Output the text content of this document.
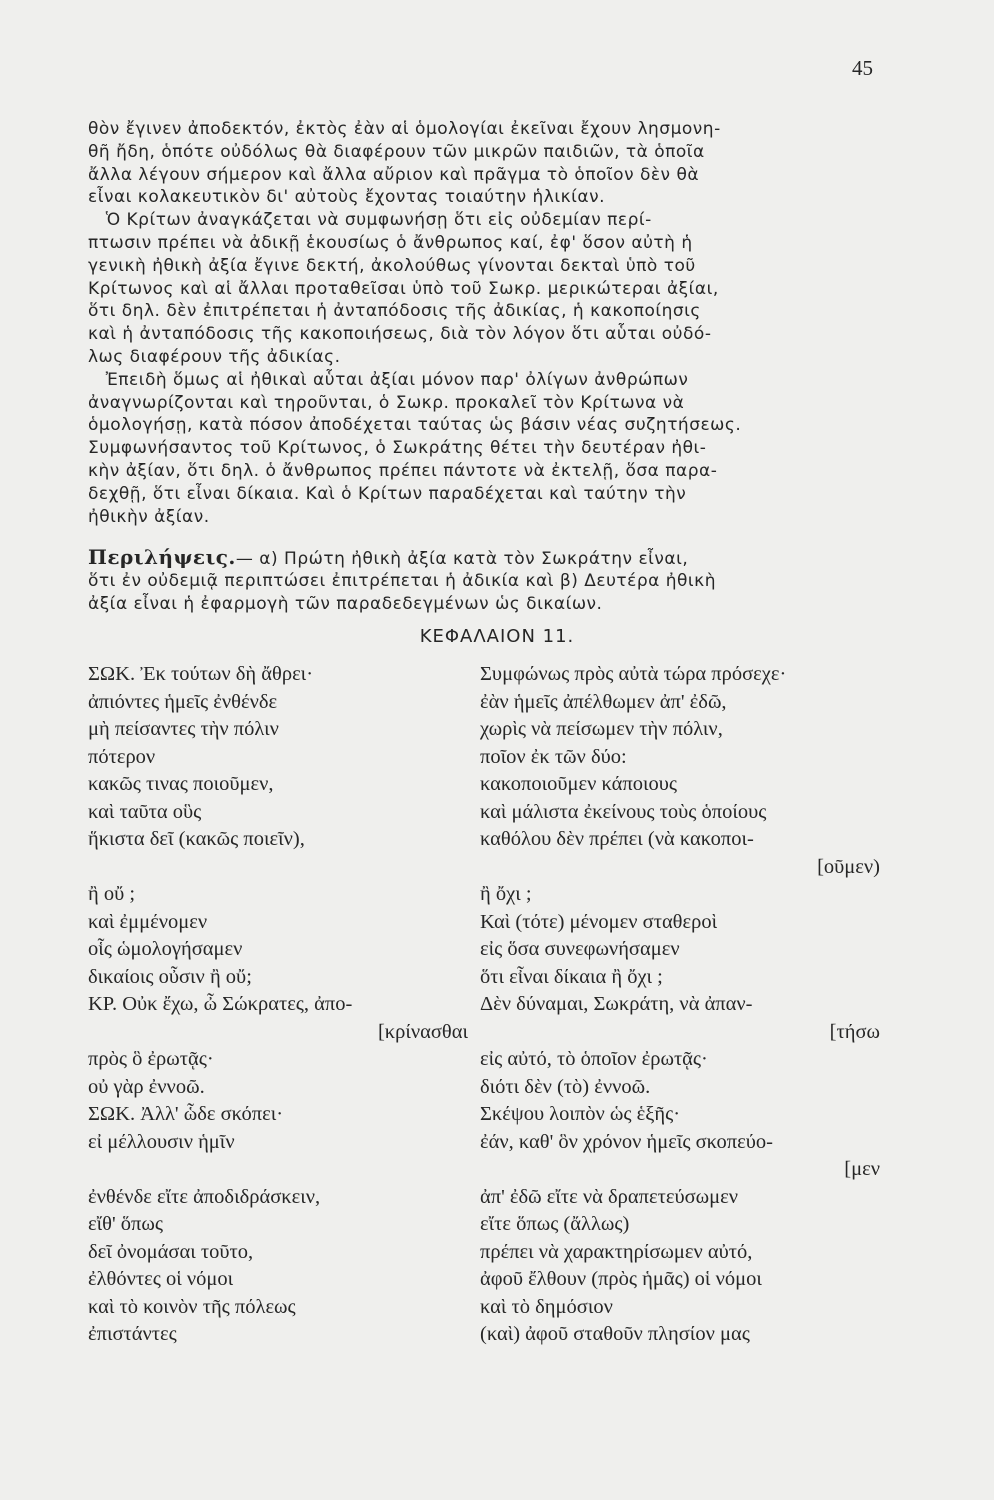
45
θὸν ἔγινεν ἀποδεκτόν, ἐκτὸς ἐὰν αἱ ὁμολογίαι ἐκεῖναι ἔχουν λησμονη-
θῆ ἤδη, ὁπότε οὐδόλως θὰ διαφέρουν τῶν μικρῶν παιδιῶν, τὰ ὁποῖα
ἄλλα λέγουν σήμερον καὶ ἄλλα αὔριον καὶ πρᾶγμα τὸ ὁποῖον δὲν θὰ
εἶναι κολακευτικὸν δι' αὐτοὺς ἔχοντας τοιαύτην ἡλικίαν.
Ὁ Κρίτων ἀναγκάζεται νὰ συμφωνήσῃ ὅτι εἰς οὐδεμίαν περί-
πτωσιν πρέπει νὰ ἀδικῇ ἑκουσίως ὁ ἄνθρωπος καί, ἐφ' ὅσον αὐτὴ ἡ
γενικὴ ἠθικὴ ἀξία ἔγινε δεκτή, ἀκολούθως γίνονται δεκταὶ ὑπὸ τοῦ
Κρίτωνος καὶ αἱ ἄλλαι προταθεῖσαι ὑπὸ τοῦ Σωκρ. μερικώτεραι ἀξίαι,
ὅτι δηλ. δὲν ἐπιτρέπεται ἡ ἀνταπόδοσις τῆς ἀδικίας, ἡ κακοποίησις
καὶ ἡ ἀνταπόδοσις τῆς κακοποιήσεως, διὰ τὸν λόγον ὅτι αὗται οὐδό-
λως διαφέρουν τῆς ἀδικίας.
Ἐπειδὴ ὅμως αἱ ἠθικαὶ αὗται ἀξίαι μόνον παρ' ὀλίγων ἀνθρώπων
ἀναγνωρίζονται καὶ τηροῦνται, ὁ Σωκρ. προκαλεῖ τὸν Κρίτωνα νὰ
ὁμολογήσῃ, κατὰ πόσον ἀποδέχεται ταύτας ὡς βάσιν νέας συζητήσεως.
Συμφωνήσαντος τοῦ Κρίτωνος, ὁ Σωκράτης θέτει τὴν δευτέραν ἠθι-
κὴν ἀξίαν, ὅτι δηλ. ὁ ἄνθρωπος πρέπει πάντοτε νὰ ἐκτελῇ, ὅσα παρα-
δεχθῇ, ὅτι εἶναι δίκαια. Καὶ ὁ Κρίτων παραδέχεται καὶ ταύτην τὴν
ἠθικὴν ἀξίαν.
Περιλήψεις.— α) Πρώτη ἠθικὴ ἀξία κατὰ τὸν Σωκράτην εἶναι,
ὅτι ἐν οὐδεμιᾷ περιπτώσει ἐπιτρέπεται ἡ ἀδικία καὶ β) Δευτέρα ἠθικὴ
ἀξία εἶναι ἡ ἐφαρμογὴ τῶν παραδεδεγμένων ὡς δικαίων.
ΚΕΦΑΛΑΙΟΝ 11.
ΣΩΚ. Ἐκ τούτων δὴ ἄθρει·
ἀπιόντες ἡμεῖς ἐνθένδε
μὴ πείσαντες τὴν πόλιν
πότερον
κακῶς τινας ποιοῦμεν,
καὶ ταῦτα οὓς
ἥκιστα δεῖ (κακῶς ποιεῖν),
ἢ οὔ ;
καὶ ἐμμένομεν
οἷς ὡμολογήσαμεν
δικαίοις οὖσιν ἢ οὔ;
ΚΡ. Οὐκ ἔχω, ὦ Σώκρατες, ἀπο-
[κρίνασθαι
πρὸς ὃ ἐρωτᾷς·
οὐ γὰρ ἐννοῶ.
ΣΩΚ. Ἀλλ' ὧδε σκόπει·
εἰ μέλλουσιν ἡμῖν
ἐνθένδε εἴτε ἀποδιδράσκειν,
εἴθ' ὅπως
δεῖ ὀνομάσαι τοῦτο,
ἐλθόντες οἱ νόμοι
καὶ τὸ κοινὸν τῆς πόλεως
ἐπιστάντες
Συμφώνως πρὸς αὐτὰ τώρα πρόσεχε·
ἐὰν ἡμεῖς ἀπέλθωμεν ἀπ' ἐδῶ,
χωρὶς νὰ πείσωμεν τὴν πόλιν,
ποῖον ἐκ τῶν δύο:
κακοποιοῦμεν κάποιους
καὶ μάλιστα ἐκείνους τοὺς ὁποίους
καθόλου δὲν πρέπει (νὰ κακοποι-
[οῦμεν)
ἢ ὄχι ;
Καὶ (τότε) μένομεν σταθεροὶ
εἰς ὅσα συνεφωνήσαμεν
ὅτι εἶναι δίκαια ἢ ὄχι ;
Δὲν δύναμαι, Σωκράτη, νὰ ἀπαν-
[τήσω
εἰς αὐτό, τὸ ὁποῖον ἐρωτᾷς·
διότι δὲν (τὸ) ἐννοῶ.
Σκέψου λοιπὸν ὡς ἑξῆς·
ἐάν, καθ' ὃν χρόνον ἡμεῖς σκοπεύο-
[μεν
ἀπ' ἐδῶ εἴτε νὰ δραπετεύσωμεν
εἴτε ὅπως (ἄλλως)
πρέπει νὰ χαρακτηρίσωμεν αὐτό,
ἀφοῦ ἔλθουν (πρὸς ἡμᾶς) οἱ νόμοι
καὶ τὸ δημόσιον
(καὶ) ἀφοῦ σταθοῦν πλησίον μας
